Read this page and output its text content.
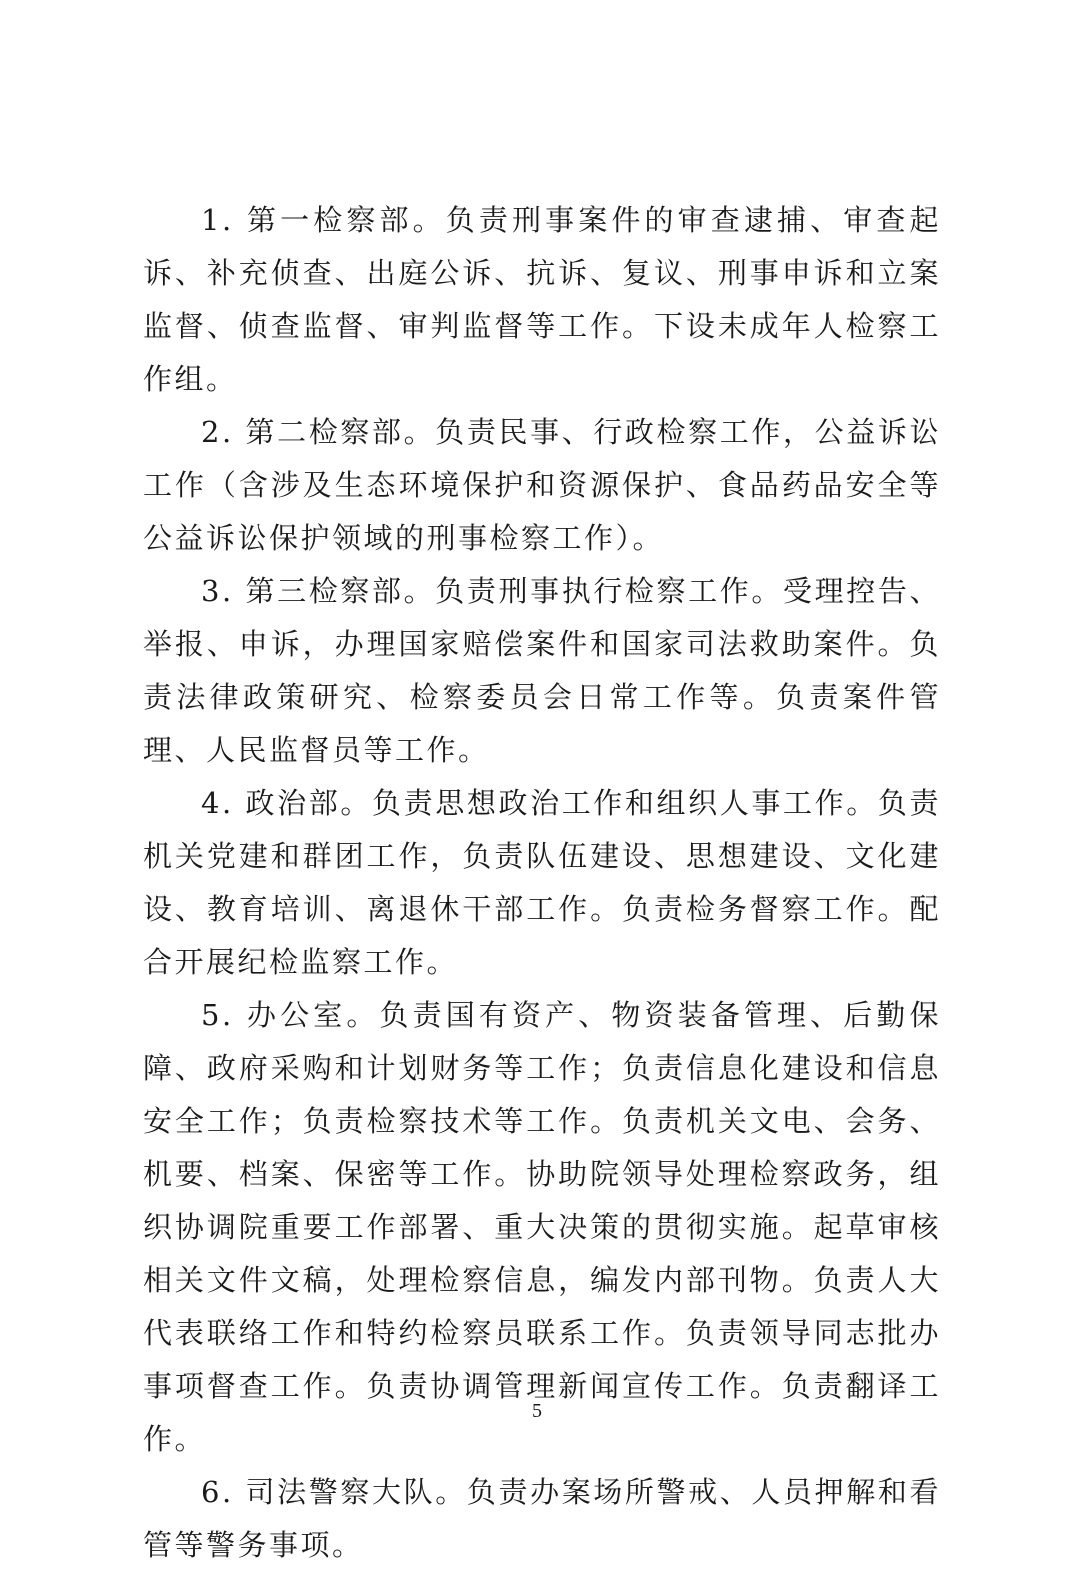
1. 第一检察部。负责刑事案件的审查逮捕、审查起诉、补充侦查、出庭公诉、抗诉、复议、刑事申诉和立案监督、侦查监督、审判监督等工作。下设未成年人检察工作组。

2. 第二检察部。负责民事、行政检察工作，公益诉讼工作（含涉及生态环境保护和资源保护、食品药品安全等公益诉讼保护领域的刑事检察工作）。

3. 第三检察部。负责刑事执行检察工作。受理控告、举报、申诉，办理国家赔偿案件和国家司法救助案件。负责法律政策研究、检察委员会日常工作等。负责案件管理、人民监督员等工作。

4. 政治部。负责思想政治工作和组织人事工作。负责机关党建和群团工作，负责队伍建设、思想建设、文化建设、教育培训、离退休干部工作。负责检务督察工作。配合开展纪检监察工作。

5. 办公室。负责国有资产、物资装备管理、后勤保障、政府采购和计划财务等工作；负责信息化建设和信息安全工作；负责检察技术等工作。负责机关文电、会务、机要、档案、保密等工作。协助院领导处理检察政务，组织协调院重要工作部署、重大决策的贯彻实施。起草审核相关文件文稿，处理检察信息，编发内部刊物。负责人大代表联络工作和特约检察员联系工作。负责领导同志批办事项督查工作。负责协调管理新闻宣传工作。负责翻译工作。

6. 司法警察大队。负责办案场所警戒、人员押解和看管等警务事项。

5
